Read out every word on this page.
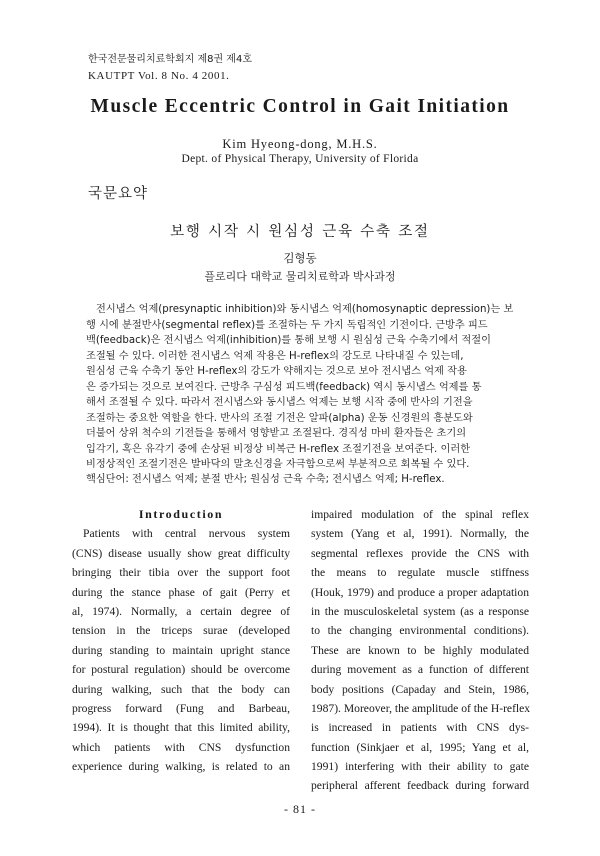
한국전문물리치료학회지 제8권 제4호
KAUTPT Vol. 8 No. 4 2001.
Muscle Eccentric Control in Gait Initiation
Kim Hyeong-dong, M.H.S.
Dept. of Physical Therapy, University of Florida
국문요약
보행 시작 시 원심성 근육 수축 조절
김형동
플로리다 대학교 물리치료학과 박사과정
전시냅스 억제(presynaptic inhibition)와 동시냅스 억제(homosynaptic depression)는 보
행 시에 분절반사(segmental reflex)를 조절하는 두 가지 독립적인 기전이다. 근방추 피드
백(feedback)은 전시냅스 억제(inhibition)를 통해 보행 시 원심성 근육 수축기에서 적절이
조절될 수 있다. 이러한 전시냅스 억제 작용은 H-reflex의 강도로 나타내질 수 있는데,
원심성 근육 수축기 동안 H-reflex의 강도가 약해지는 것으로 보아 전시냅스 억제 작용
은 증가되는 것으로 보여진다. 근방추 구심성 피드백(feedback) 역시 동시냅스 억제를 통
해서 조절될 수 있다. 따라서 전시냅스와 동시냅스 억제는 보행 시작 중에 반사의 기전을
조절하는 중요한 역할을 한다. 반사의 조절 기전은 알파(alpha) 운동 신경원의 흥분도와
더불어 상위 척수의 기전들을 통해서 영향받고 조절된다. 경직성 마비 환자들은 초기의
입각기, 혹은 유각기 중에 손상된 비정상 비복근 H-reflex 조절기전을 보여준다. 이러한
비정상적인 조절기전은 발바닥의 말초신경을 자극함으로써 부분적으로 회복될 수 있다.
핵심단어: 전시냅스 억제; 분절 반사; 원심성 근육 수축; 전시냅스 억제; H-reflex.
Introduction
Patients with central nervous system
(CNS) disease usually show great difficulty
bringing their tibia over the support foot
during the stance phase of gait (Perry et
al, 1974). Normally, a certain degree of
tension in the triceps surae (developed
during standing to maintain upright stance
for postural regulation) should be overcome
during walking, such that the body can
progress forward (Fung and Barbeau,
1994). It is thought that this limited ability,
which patients with CNS dysfunction
experience during walking, is related to an
impaired modulation of the spinal reflex
system (Yang et al, 1991). Normally, the
segmental reflexes provide the CNS with
the means to regulate muscle stiffness
(Houk, 1979) and produce a proper adaptation
in the musculoskeletal system (as a response
to the changing environmental conditions).
These are known to be highly modulated
during movement as a function of different
body positions (Capaday and Stein, 1986,
1987). Moreover, the amplitude of the H-reflex
is increased in patients with CNS dys-
function (Sinkjaer et al, 1995; Yang et al,
1991) interfering with their ability to gate
peripheral afferent feedback during forward
- 81 -
